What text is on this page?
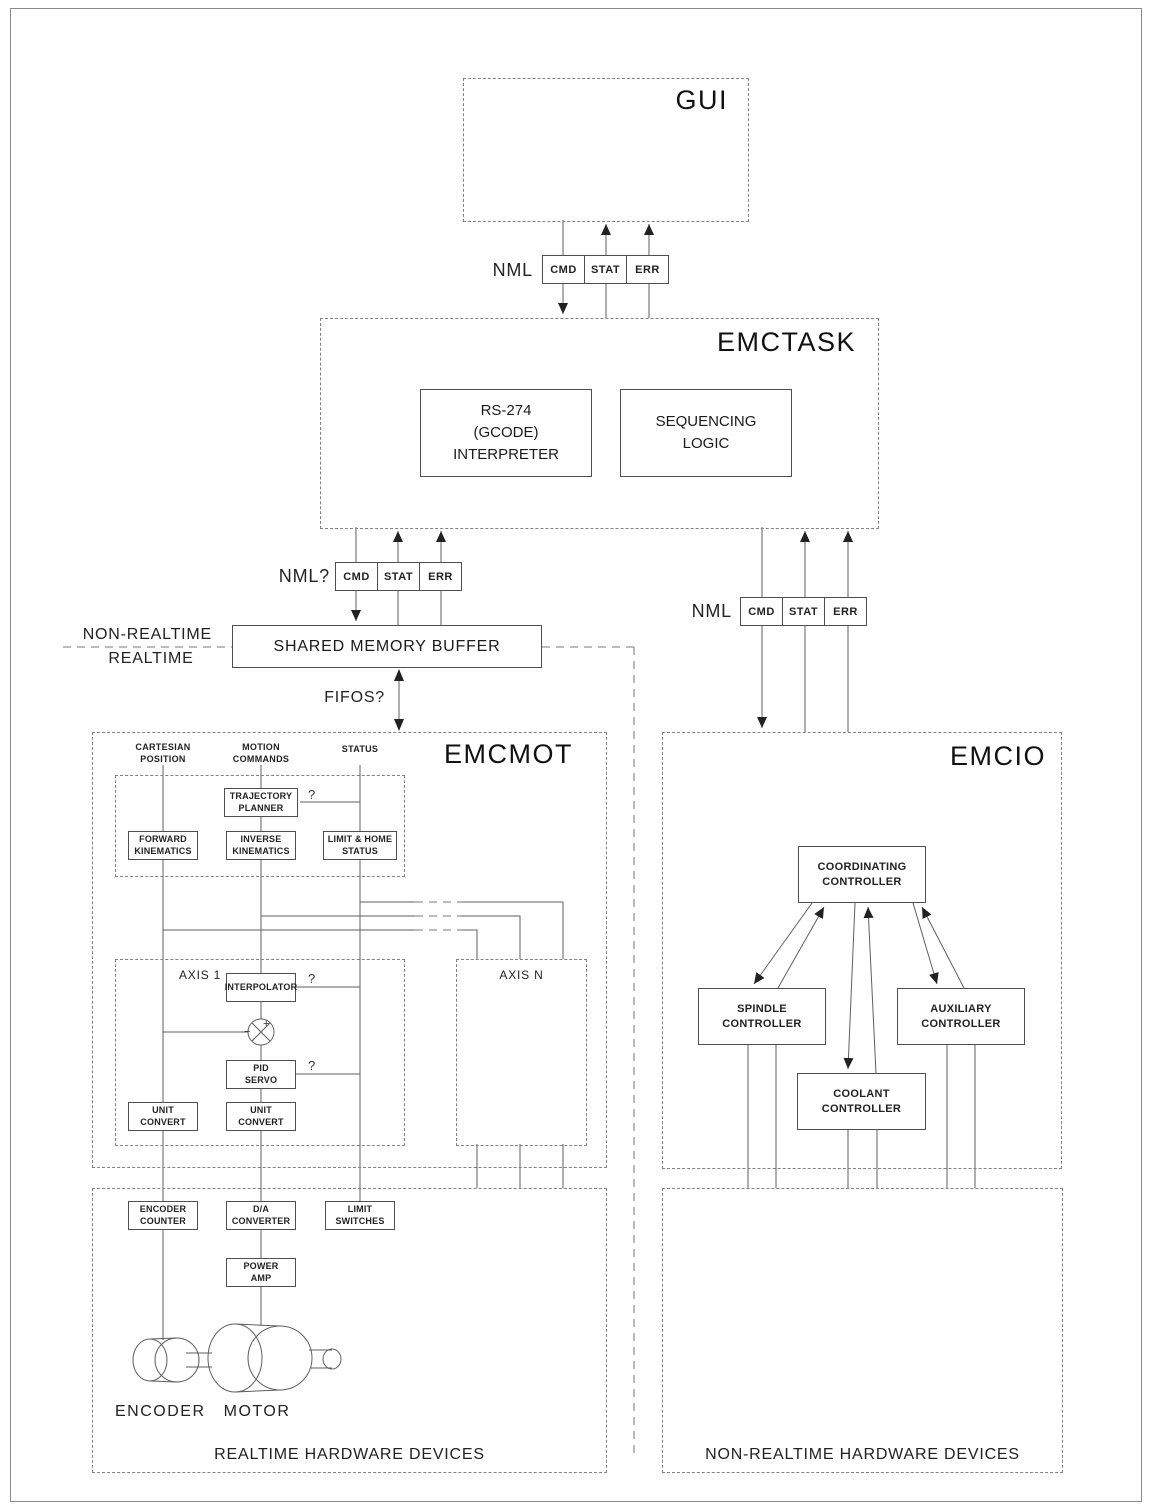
+
−
GUI
NML	CMD	STAT	ERR
EMCTASK
RS-274
(GCODE)
INTERPRETER
SEQUENCING
LOGIC
NML?	CMD	STAT	ERR
NML	CMD	STAT	ERR
NON-REALTIME
REALTIME
SHARED MEMORY BUFFER
FIFOS?
EMCMOT
CARTESIAN
POSITION
MOTION
COMMANDS
STATUS
TRAJECTORY
PLANNER
?
FORWARD
KINEMATICS
INVERSE
KINEMATICS
LIMIT & HOME
STATUS
AXIS 1
INTERPOLATOR
?
PID
SERVO
?
UNIT
CONVERT
UNIT
CONVERT
AXIS N
EMCIO
COORDINATING
CONTROLLER
SPINDLE
CONTROLLER
AUXILIARY
CONTROLLER
COOLANT
CONTROLLER
REALTIME HARDWARE DEVICES
ENCODER
COUNTER
D/A
CONVERTER
LIMIT
SWITCHES
POWER
AMP
ENCODER	MOTOR
NON-REALTIME HARDWARE DEVICES
